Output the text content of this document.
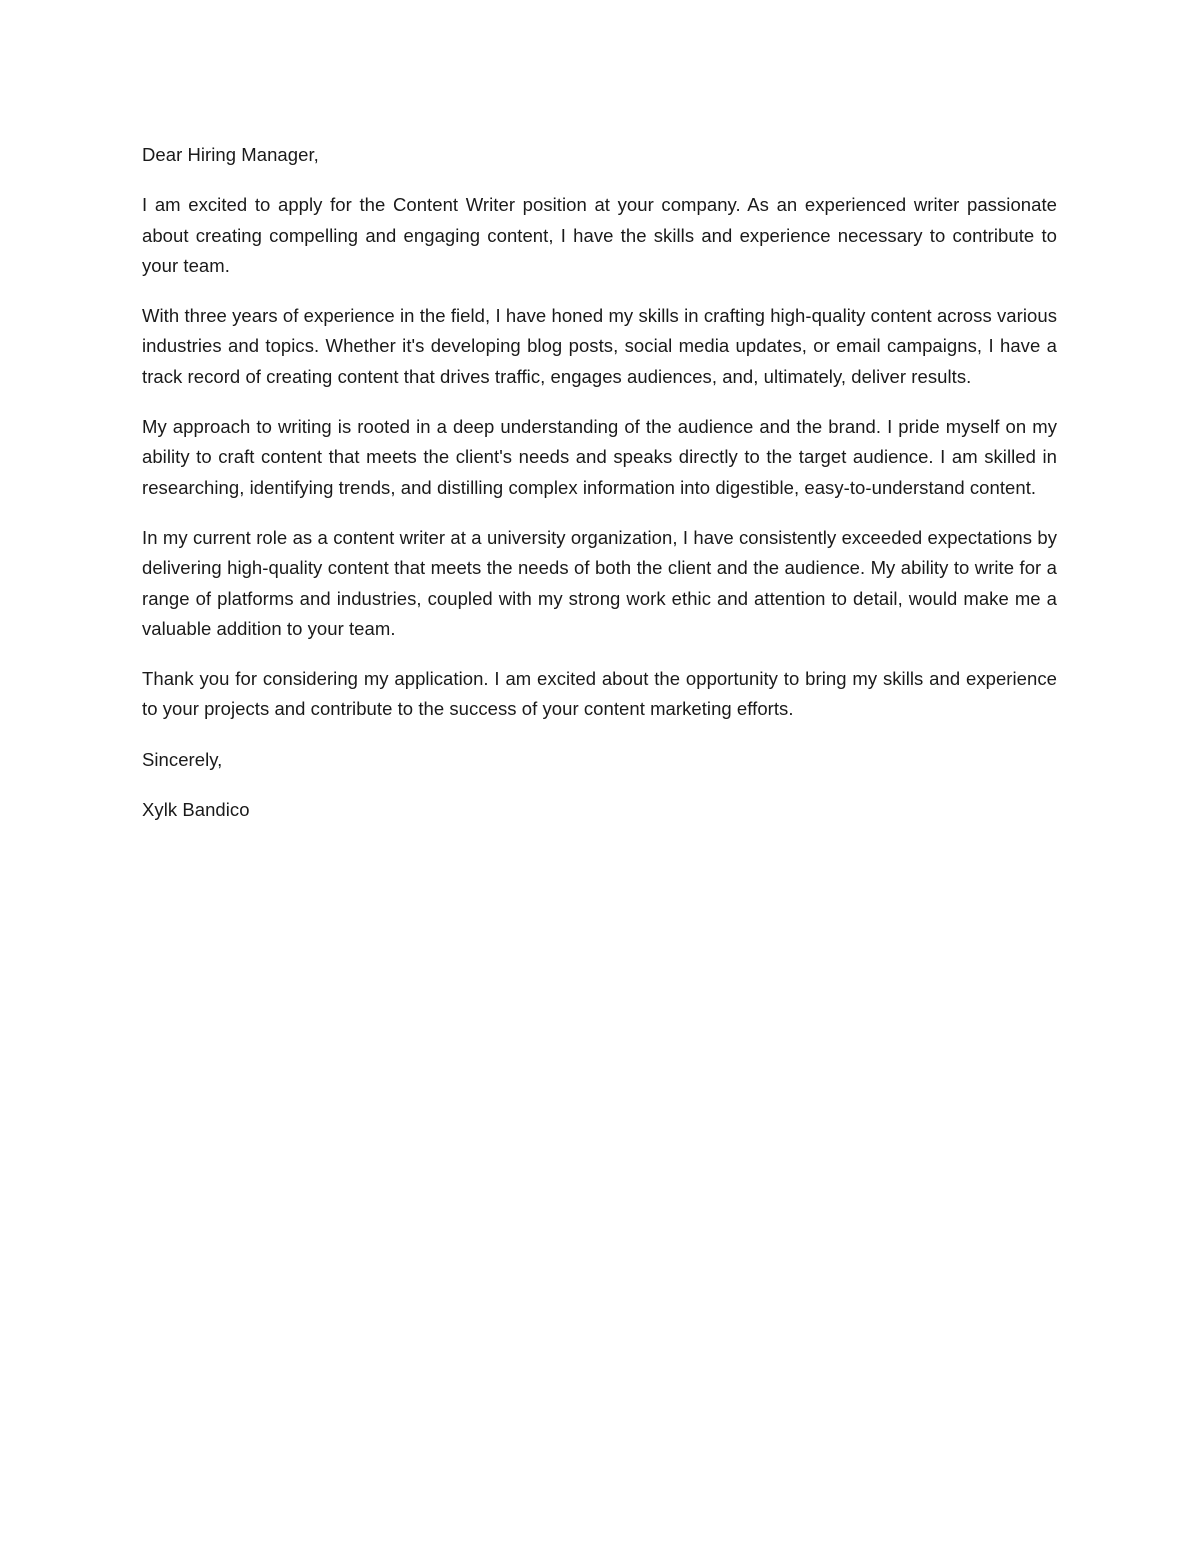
Dear Hiring Manager,

I am excited to apply for the Content Writer position at your company. As an experienced writer passionate about creating compelling and engaging content, I have the skills and experience necessary to contribute to your team.

With three years of experience in the field, I have honed my skills in crafting high-quality content across various industries and topics. Whether it's developing blog posts, social media updates, or email campaigns, I have a track record of creating content that drives traffic, engages audiences, and, ultimately, deliver results.

My approach to writing is rooted in a deep understanding of the audience and the brand. I pride myself on my ability to craft content that meets the client's needs and speaks directly to the target audience. I am skilled in researching, identifying trends, and distilling complex information into digestible, easy-to-understand content.

In my current role as a content writer at a university organization, I have consistently exceeded expectations by delivering high-quality content that meets the needs of both the client and the audience. My ability to write for a range of platforms and industries, coupled with my strong work ethic and attention to detail, would make me a valuable addition to your team.

Thank you for considering my application. I am excited about the opportunity to bring my skills and experience to your projects and contribute to the success of your content marketing efforts.

Sincerely,

Xylk Bandico
